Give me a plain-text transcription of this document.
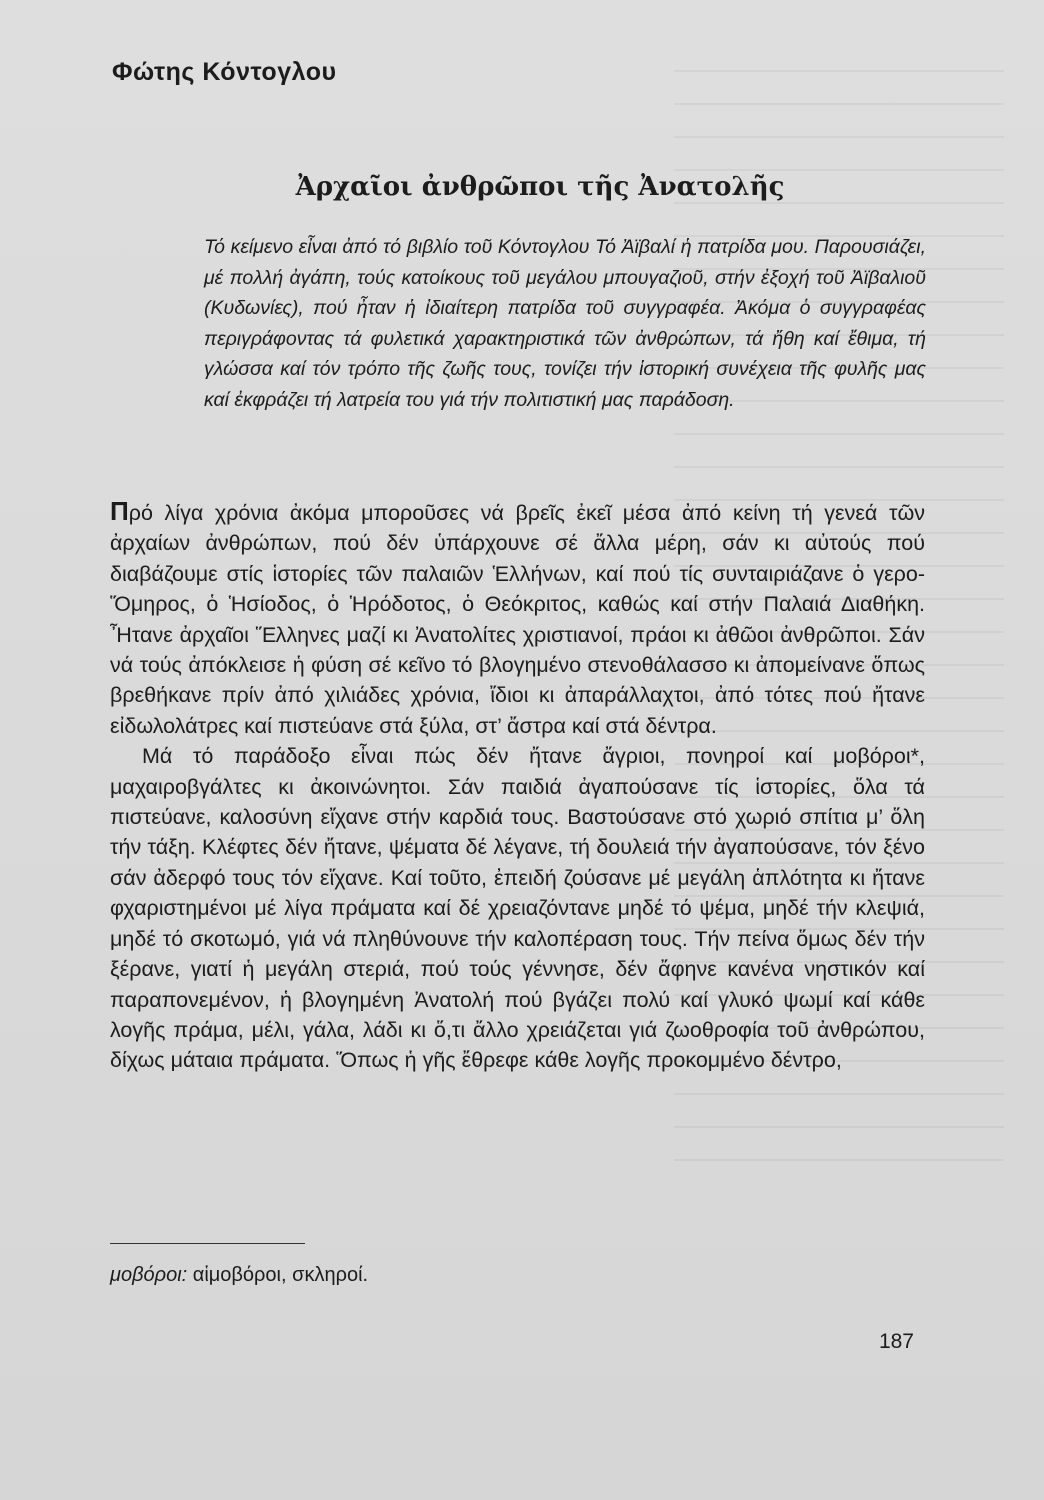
Φώτης Κόντογλου
Ἀρχαῖοι ἀνθρῶποι τῆς Ἀνατολῆς

Τό κείμενο εἶναι ἀπό τό βιβλίο τοῦ Κόντογλου Τό Ἀϊβαλί ἡ πατρίδα μου. Παρουσιάζει, μέ πολλή ἀγάπη, τούς κατοίκους τοῦ μεγάλου μπουγαζιοῦ, στήν ἐξοχή τοῦ Ἀϊβαλιοῦ (Κυδωνίες), πού ἦταν ἡ ἰδιαίτερη πατρίδα τοῦ συγγραφέα. Ἀκόμα ὁ συγγραφέας περιγράφοντας τά φυλετικά χαρακτηριστικά τῶν ἀνθρώπων, τά ἤθη καί ἔθιμα, τή γλώσσα καί τόν τρόπο τῆς ζωῆς τους, τονίζει τήν ἱστορική συνέχεια τῆς φυλῆς μας καί ἐκφράζει τή λατρεία του γιά τήν πολιτιστική μας παράδοση.

Πρό λίγα χρόνια ἀκόμα μποροῦσες νά βρεῖς ἐκεῖ μέσα ἀπό κείνη τή γενεά τῶν ἀρχαίων ἀνθρώπων, πού δέν ὑπάρχουνε σέ ἄλλα μέρη, σάν κι αὐτούς πού διαβάζουμε στίς ἱστορίες τῶν παλαιῶν Ἑλλήνων, καί πού τίς συνταιριάζανε ὁ γερο-Ὅμηρος, ὁ Ἡσίοδος, ὁ Ἡρόδοτος, ὁ Θεόκριτος, καθώς καί στήν Παλαιά Διαθήκη. Ἦτανε ἀρχαῖοι Ἕλληνες μαζί κι Ἀνατολίτες χριστιανοί, πράοι κι ἀθῶοι ἀνθρῶποι. Σάν νά τούς ἀπόκλεισε ἡ φύση σέ κεῖνο τό βλογημένο στενοθάλασσο κι ἀπομείνανε ὅπως βρεθήκανε πρίν ἀπό χιλιάδες χρόνια, ἴδιοι κι ἀπαράλλαχτοι, ἀπό τότες πού ἤτανε εἰδωλολάτρες καί πιστεύανε στά ξύλα, στ’ ἄστρα καί στά δέντρα.

Μά τό παράδοξο εἶναι πώς δέν ἤτανε ἄγριοι, πονηροί καί μοβόροι*, μαχαιροβγάλτες κι ἀκοινώνητοι. Σάν παιδιά ἀγαπούσανε τίς ἱστορίες, ὅλα τά πιστεύανε, καλοσύνη εἴχανε στήν καρδιά τους. Βαστούσανε στό χωριό σπίτια μ’ ὅλη τήν τάξη. Κλέφτες δέν ἤτανε, ψέματα δέ λέγανε, τή δουλειά τήν ἀγαπούσανε, τόν ξένο σάν ἀδερφό τους τόν εἴχανε. Καί τοῦτο, ἐπειδή ζούσανε μέ μεγάλη ἁπλότητα κι ἤτανε φχαριστημένοι μέ λίγα πράματα καί δέ χρειαζόντανε μηδέ τό ψέμα, μηδέ τήν κλεψιά, μηδέ τό σκοτωμό, γιά νά πληθύνουνε τήν καλοπέραση τους. Τήν πείνα ὅμως δέν τήν ξέρανε, γιατί ἡ μεγάλη στεριά, πού τούς γέννησε, δέν ἄφηνε κανένα νηστικόν καί παραπονεμένον, ἡ βλογημένη Ἀνατολή πού βγάζει πολύ καί γλυκό ψωμί καί κάθε λογῆς πράμα, μέλι, γάλα, λάδι κι ὅ,τι ἄλλο χρειάζεται γιά ζωοθροφία τοῦ ἀνθρώπου, δίχως μάταια πράματα. Ὅπως ἡ γῆς ἔθρεφε κάθε λογῆς προκομμένο δέντρο,

μοβόροι: αἱμοβόροι, σκληροί.
187
